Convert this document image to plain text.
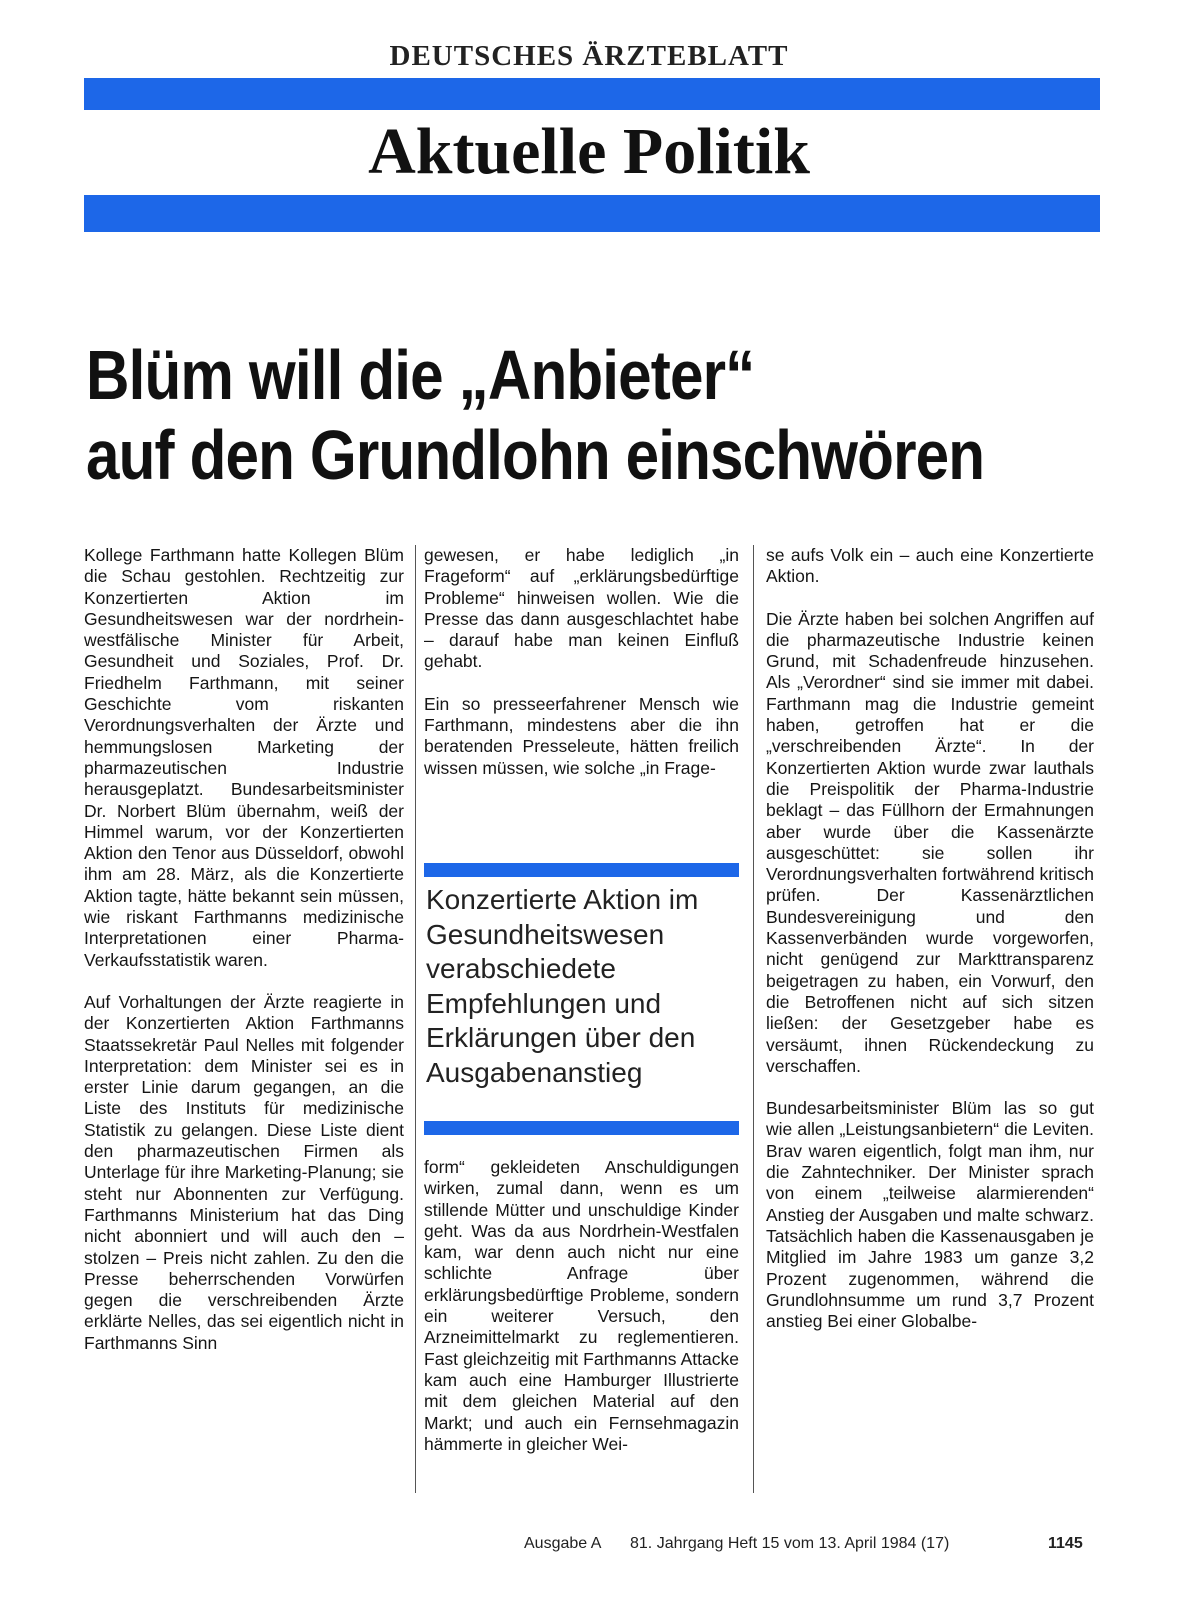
DEUTSCHES ÄRZTEBLATT
Aktuelle Politik
Blüm will die „Anbieter“
auf den Grundlohn einschwören

Kollege Farthmann hatte Kollegen Blüm die Schau gestohlen. Rechtzeitig zur Konzertierten Aktion im Gesundheitswesen war der nordrhein-westfälische Minister für Arbeit, Gesundheit und Soziales, Prof. Dr. Friedhelm Farthmann, mit seiner Geschichte vom riskanten Verordnungsverhalten der Ärzte und hemmungslosen Marketing der pharmazeutischen Industrie herausgeplatzt. Bundesarbeitsminister Dr. Norbert Blüm übernahm, weiß der Himmel warum, vor der Konzertierten Aktion den Tenor aus Düsseldorf, obwohl ihm am 28. März, als die Konzertierte Aktion tagte, hätte bekannt sein müssen, wie riskant Farthmanns medizinische Interpretationen einer Pharma-Verkaufsstatistik waren.

Auf Vorhaltungen der Ärzte reagierte in der Konzertierten Aktion Farthmanns Staatssekretär Paul Nelles mit folgender Interpretation: dem Minister sei es in erster Linie darum gegangen, an die Liste des Instituts für medizinische Statistik zu gelangen. Diese Liste dient den pharmazeutischen Firmen als Unterlage für ihre Marketing-Planung; sie steht nur Abonnenten zur Verfügung. Farthmanns Ministerium hat das Ding nicht abonniert und will auch den – stolzen – Preis nicht zahlen. Zu den die Presse beherrschenden Vorwürfen gegen die verschreibenden Ärzte erklärte Nelles, das sei eigentlich nicht in Farthmanns Sinn

gewesen, er habe lediglich „in Frageform“ auf „erklärungsbedürftige Probleme“ hinweisen wollen. Wie die Presse das dann ausgeschlachtet habe – darauf habe man keinen Einfluß gehabt.

Ein so presseerfahrener Mensch wie Farthmann, mindestens aber die ihn beratenden Presseleute, hätten freilich wissen müssen, wie solche „in Frage-

Konzertierte Aktion im Gesundheitswesen verabschiedete Empfehlungen und Erklärungen über den Ausgabenanstieg

form“ gekleideten Anschuldigungen wirken, zumal dann, wenn es um stillende Mütter und unschuldige Kinder geht. Was da aus Nordrhein-Westfalen kam, war denn auch nicht nur eine schlichte Anfrage über erklärungsbedürftige Probleme, sondern ein weiterer Versuch, den Arzneimittelmarkt zu reglementieren. Fast gleichzeitig mit Farthmanns Attacke kam auch eine Hamburger Illustrierte mit dem gleichen Material auf den Markt; und auch ein Fernsehmagazin hämmerte in gleicher Wei-

se aufs Volk ein – auch eine Konzertierte Aktion.

Die Ärzte haben bei solchen Angriffen auf die pharmazeutische Industrie keinen Grund, mit Schadenfreude hinzusehen. Als „Verordner“ sind sie immer mit dabei. Farthmann mag die Industrie gemeint haben, getroffen hat er die „verschreibenden Ärzte“. In der Konzertierten Aktion wurde zwar lauthals die Preispolitik der Pharma-Industrie beklagt – das Füllhorn der Ermahnungen aber wurde über die Kassenärzte ausgeschüttet: sie sollen ihr Verordnungsverhalten fortwährend kritisch prüfen. Der Kassenärztlichen Bundesvereinigung und den Kassenverbänden wurde vorgeworfen, nicht genügend zur Markttransparenz beigetragen zu haben, ein Vorwurf, den die Betroffenen nicht auf sich sitzen ließen: der Gesetzgeber habe es versäumt, ihnen Rückendeckung zu verschaffen.

Bundesarbeitsminister Blüm las so gut wie allen „Leistungsanbietern“ die Leviten. Brav waren eigentlich, folgt man ihm, nur die Zahntechniker. Der Minister sprach von einem „teilweise alarmierenden“ Anstieg der Ausgaben und malte schwarz. Tatsächlich haben die Kassenausgaben je Mitglied im Jahre 1983 um ganze 3,2 Prozent zugenommen, während die Grundlohnsumme um rund 3,7 Prozent anstieg Bei einer Globalbe-

Ausgabe A 81. Jahrgang Heft 15 vom 13. April 1984 (17)	1145
